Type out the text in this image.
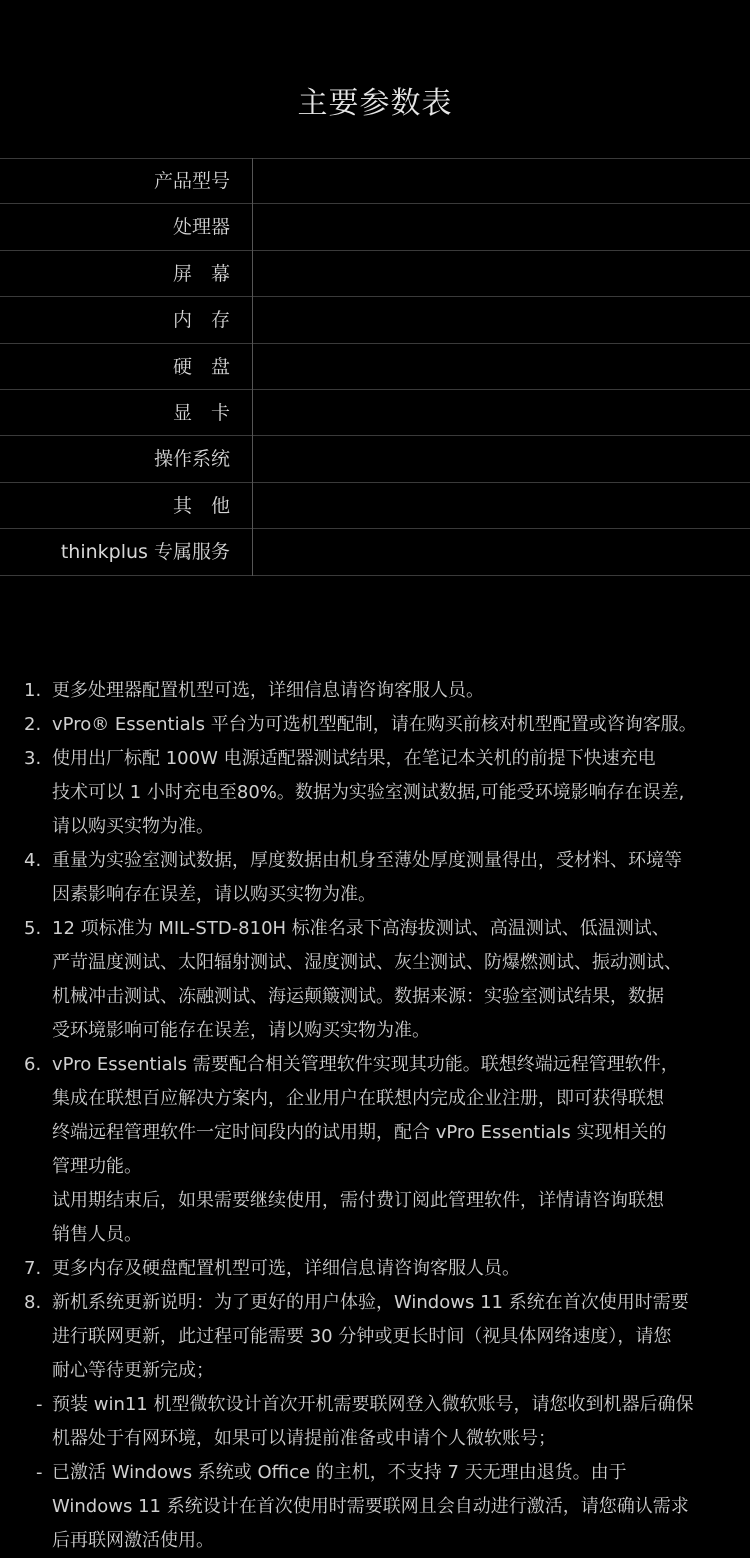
主要参数表
产品型号
处理器
屏　幕
内　存
硬　盘
显　卡
操作系统
其　他
thinkplus 专属服务
1. 更多处理器配置机型可选，详细信息请咨询客服人员。
2. vPro® Essentials 平台为可选机型配制，请在购买前核对机型配置或咨询客服。
3. 使用出厂标配 100W 电源适配器测试结果，在笔记本关机的前提下快速充电
技术可以 1 小时充电至80%。数据为实验室测试数据,可能受环境影响存在误差,
请以购买实物为准。
4. 重量为实验室测试数据，厚度数据由机身至薄处厚度测量得出，受材料、环境等
因素影响存在误差，请以购买实物为准。
5. 12 项标准为 MIL-STD-810H 标准名录下高海拔测试、高温测试、低温测试、
严苛温度测试、太阳辐射测试、湿度测试、灰尘测试、防爆燃测试、振动测试、
机械冲击测试、冻融测试、海运颠簸测试。数据来源：实验室测试结果，数据
受环境影响可能存在误差，请以购买实物为准。
6. vPro Essentials 需要配合相关管理软件实现其功能。联想终端远程管理软件，
集成在联想百应解决方案内，企业用户在联想内完成企业注册，即可获得联想
终端远程管理软件一定时间段内的试用期，配合 vPro Essentials 实现相关的
管理功能。
试用期结束后，如果需要继续使用，需付费订阅此管理软件，详情请咨询联想
销售人员。
7. 更多内存及硬盘配置机型可选，详细信息请咨询客服人员。
8. 新机系统更新说明：为了更好的用户体验，Windows 11 系统在首次使用时需要
进行联网更新，此过程可能需要 30 分钟或更长时间（视具体网络速度），请您
耐心等待更新完成；
- 预装 win11 机型微软设计首次开机需要联网登入微软账号，请您收到机器后确保
机器处于有网环境，如果可以请提前准备或申请个人微软账号；
- 已激活 Windows 系统或 Office 的主机，不支持 7 天无理由退货。由于
Windows 11 系统设计在首次使用时需要联网且会自动进行激活，请您确认需求
后再联网激活使用。
